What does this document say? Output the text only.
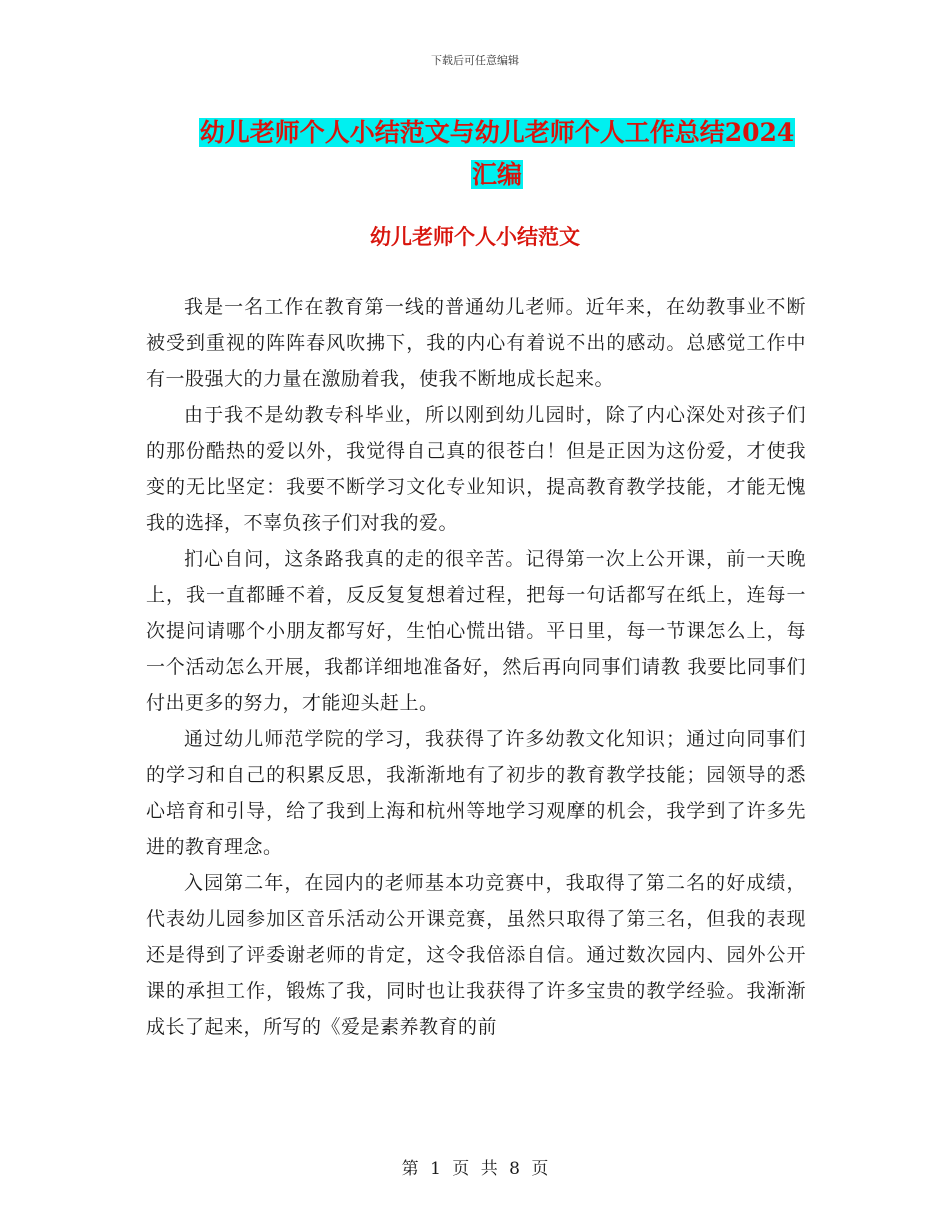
下载后可任意编辑
幼儿老师个人小结范文与幼儿老师个人工作总结2024
汇编
幼儿老师个人小结范文

我是一名工作在教育第一线的普通幼儿老师。近年来，在幼教事业不断被受到重视的阵阵春风吹拂下，我的内心有着说不出的感动。总感觉工作中有一股强大的力量在激励着我，使我不断地成长起来。

由于我不是幼教专科毕业，所以刚到幼儿园时，除了内心深处对孩子们的那份酷热的爱以外，我觉得自己真的很苍白！但是正因为这份爱，才使我变的无比坚定：我要不断学习文化专业知识，提高教育教学技能，才能无愧我的选择，不辜负孩子们对我的爱。

扪心自问，这条路我真的走的很辛苦。记得第一次上公开课，前一天晚上，我一直都睡不着，反反复复想着过程，把每一句话都写在纸上，连每一次提问请哪个小朋友都写好，生怕心慌出错。平日里，每一节课怎么上，每一个活动怎么开展，我都详细地准备好，然后再向同事们请教 我要比同事们付出更多的努力，才能迎头赶上。

通过幼儿师范学院的学习，我获得了许多幼教文化知识；通过向同事们的学习和自己的积累反思，我渐渐地有了初步的教育教学技能；园领导的悉心培育和引导，给了我到上海和杭州等地学习观摩的机会，我学到了许多先进的教育理念。

入园第二年，在园内的老师基本功竞赛中，我取得了第二名的好成绩，代表幼儿园参加区音乐活动公开课竞赛，虽然只取得了第三名，但我的表现还是得到了评委谢老师的肯定，这令我倍添自信。通过数次园内、园外公开课的承担工作，锻炼了我，同时也让我获得了许多宝贵的教学经验。我渐渐成长了起来，所写的《爱是素养教育的前

第 1 页 共 8 页
